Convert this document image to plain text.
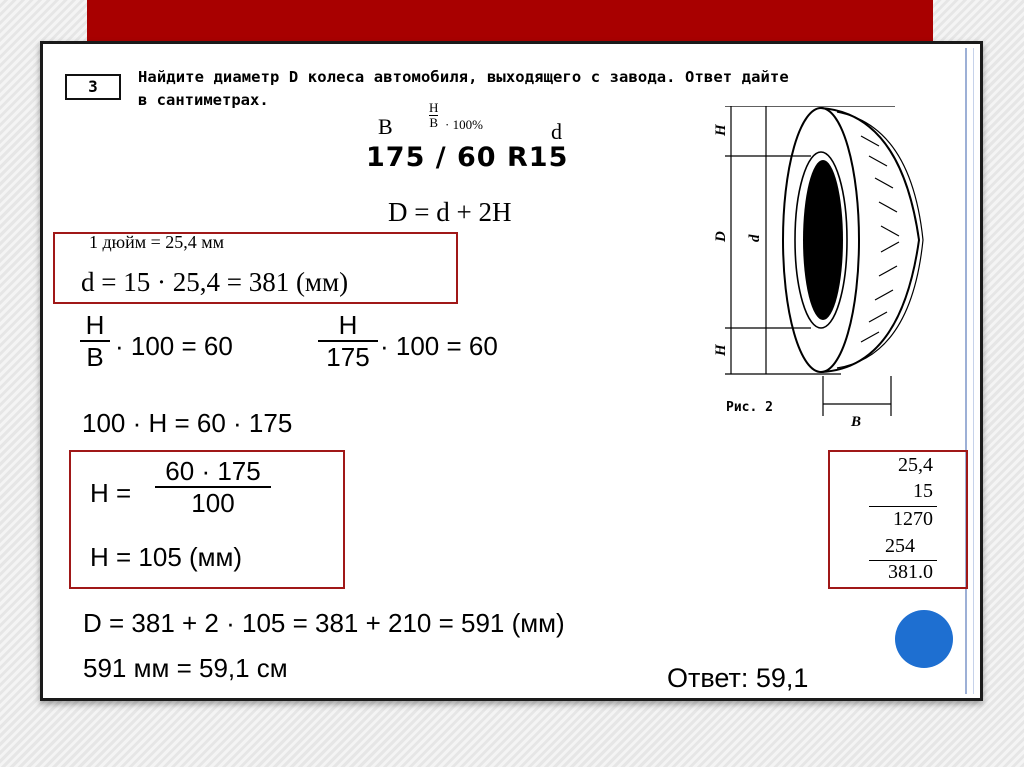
3	Найдите диаметр D колеса автомобиля, выходящего с завода. Ответ дайте
в сантиметрах.
B	$\frac{H}{B} \cdot 100\%$	d
175 / 60 R15
D = d + 2H
1 дюйм = 25,4 мм
d = 15 · 25,4 = 381 (мм)
$\frac{H}{B} \cdot 100 = 60$	$\frac{H}{175} \cdot 100 = 60$
100 · H = 60 · 175
$H = \frac{60 \cdot 175}{100}$
H = 105 (мм)
D = 381 + 2 · 105 = 381 + 210 = 591 (мм)
591 мм = 59,1 см	Ответ: 59,1
25,4
15
1270
254
381.0
H
d
D
H
B
Рис. 2
